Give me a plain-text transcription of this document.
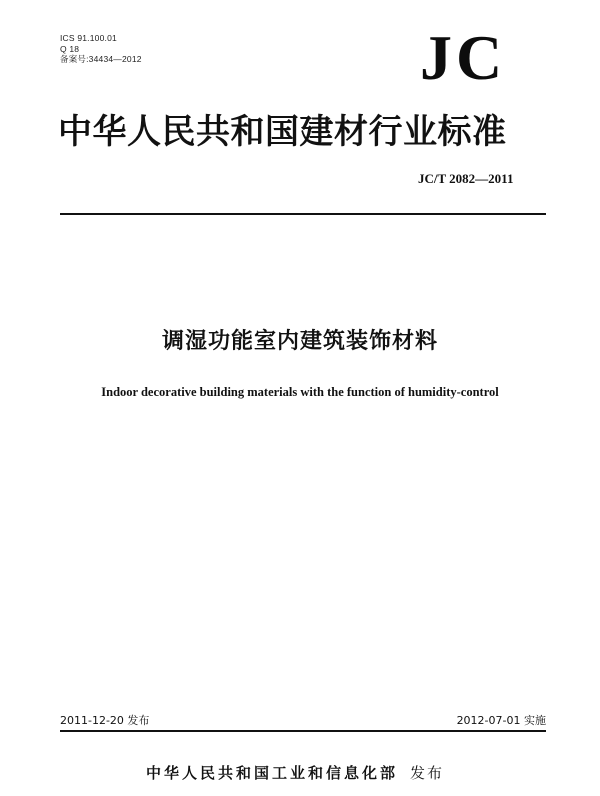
ICS 91.100.01
Q 18
备案号:34434—2012	JC
中华人民共和国建材行业标准
JC/T 2082—2011
调湿功能室内建筑装饰材料
Indoor decorative building materials with the function of humidity-control
2011-12-20 发布	2012-07-01 实施
中华人民共和国工业和信息化部 发布
